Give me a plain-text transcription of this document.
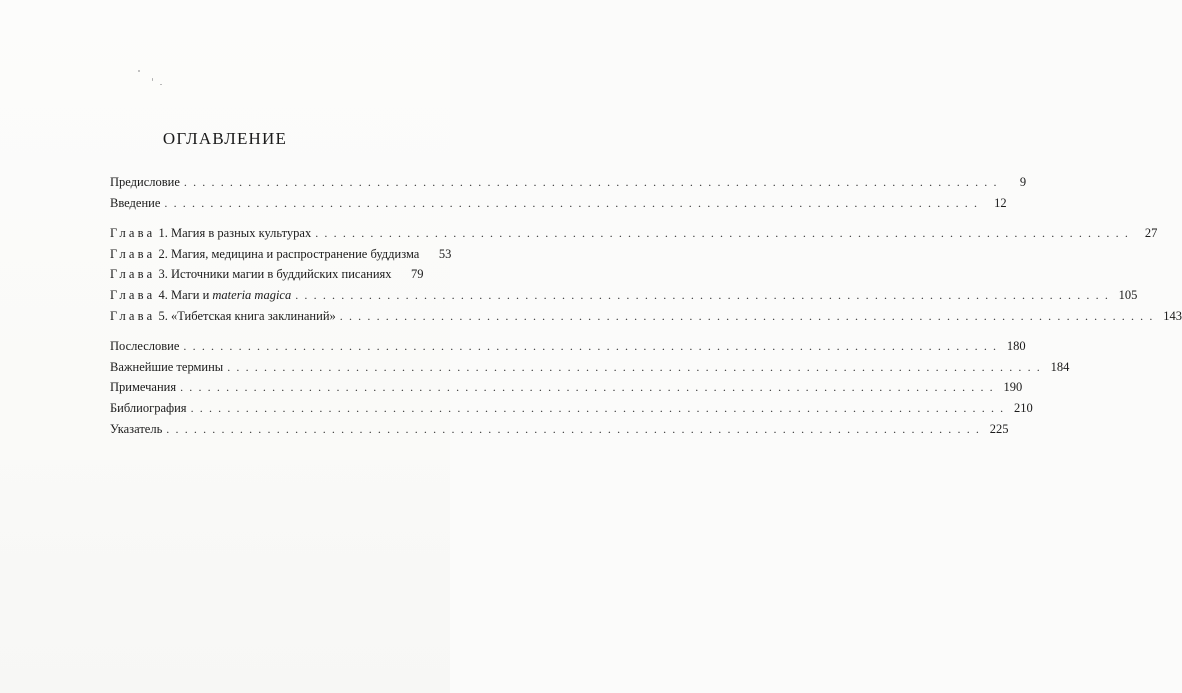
ОГЛАВЛЕНИЕ
Предисловие . . .	9
Введение . . .	12
Глава 1. Магия в разных культурах . . .	27
Глава 2. Магия, медицина и распространение буддизма	53
Глава 3. Источники магии в буддийских писаниях	79
Глава 4. Маги и materia magica . . .	105
Глава 5. «Тибетская книга заклинаний» . . .	143
Послесловие . . .	180
Важнейшие термины . . .	184
Примечания . . .	190
Библиография . . .	210
Указатель . . .	225
